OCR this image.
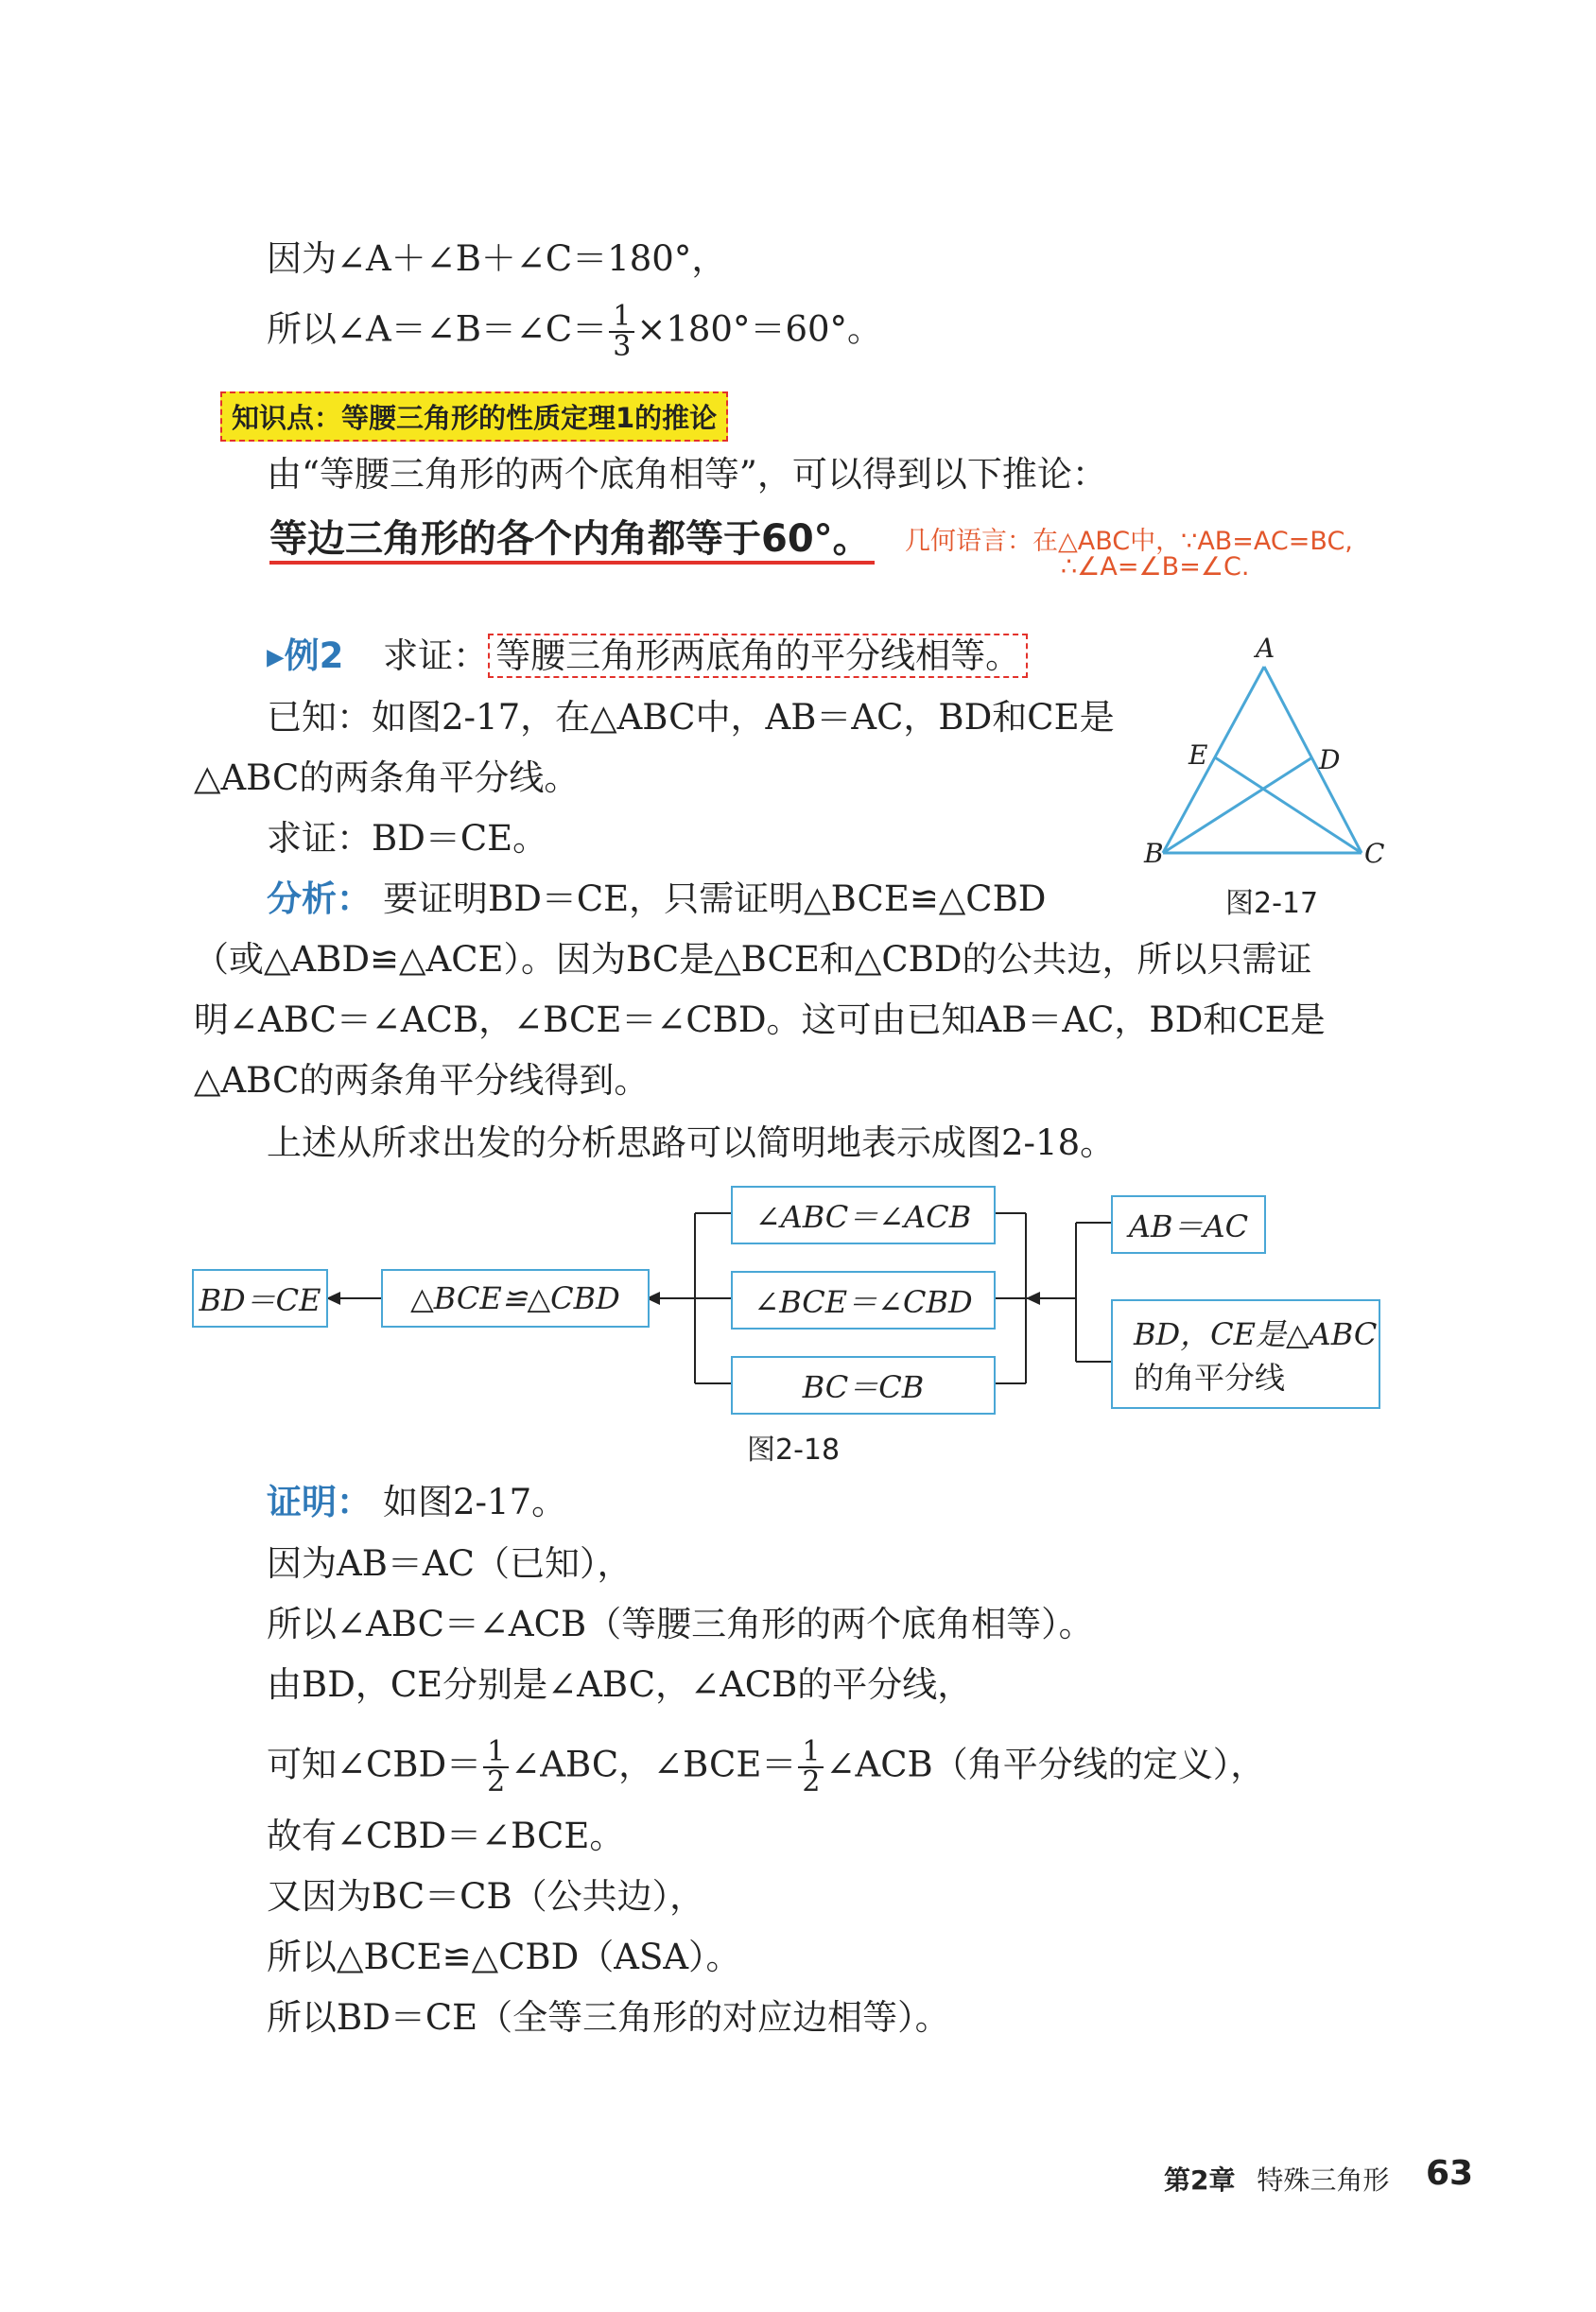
因为∠A＋∠B＋∠C＝180°，
所以∠A＝∠B＝∠C＝ $\frac{1}{3} \times 180^\circ=60^\circ$。
知识点：等腰三角形的性质定理1的推论
由“等腰三角形的两个底角相等”，可以得到以下推论：
等边三角形的各个内角都等于60°。 几何语言：在△ABC中，∵AB=AC=BC,
∴∠A=∠B=∠C.
▸例2 求证： 等腰三角形两底角的平分线相等。
已知：如图2-17，在△ABC中，AB＝AC，BD和CE是
△ABC的两条角平分线。
求证：BD＝CE。
分析： 要证明BD＝CE，只需证明△BCE≌△CBD
（或△ABD≌△ACE）。因为BC是△BCE和△CBD的公共边，所以只需证
明∠ABC＝∠ACB，∠BCE＝∠CBD。这可由已知AB＝AC，BD和CE是
△ABC的两条角平分线得到。
上述从所求出发的分析思路可以简明地表示成图2-18。
A
B	C
D
E
图2-17
BD＝CE	△BCE≌△CBD
∠ABC＝∠ACB
∠BCE＝∠CBD
BC＝CB
AB＝AC
BD，CE是△ABC
的角平分线
图2-18
证明： 如图2-17。
因为AB＝AC（已知），
所以∠ABC＝∠ACB（等腰三角形的两个底角相等）。
由BD，CE分别是∠ABC，∠ACB的平分线，
可知∠CBD＝ $\frac{1}{2}$ ∠ABC，∠BCE＝ $\frac{1}{2}$ ∠ACB（角平分线的定义），
故有∠CBD＝∠BCE。
又因为BC＝CB（公共边），
所以△BCE≌△CBD（ASA）。
所以BD＝CE（全等三角形的对应边相等）。
第2章 特殊三角形 63
